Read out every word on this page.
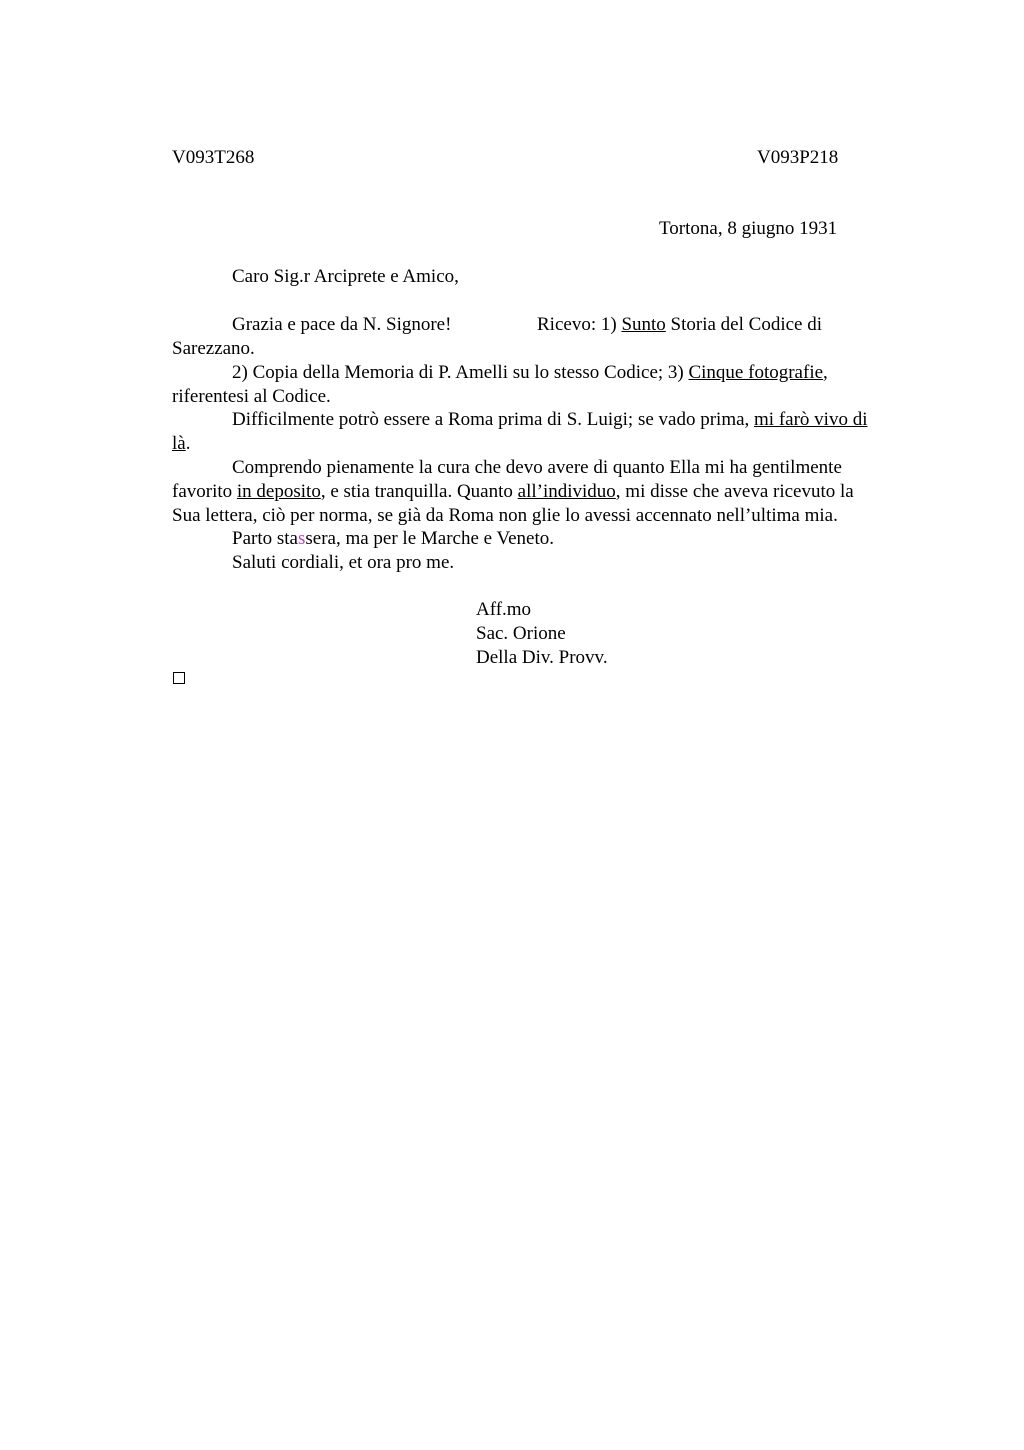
V093T268	V093P218
Tortona, 8 giugno 1931
Caro Sig.r Arciprete e Amico,
Grazia e pace da N. Signore!	Ricevo: 1) Sunto Storia del Codice di
Sarezzano.
2) Copia della Memoria di P. Amelli su lo stesso Codice; 3) Cinque fotografie,
riferentesi al Codice.
Difficilmente potrò essere a Roma prima di S. Luigi; se vado prima, mi farò vivo di
là.
Comprendo pienamente la cura che devo avere di quanto Ella mi ha gentilmente
favorito in deposito, e stia tranquilla. Quanto all’individuo, mi disse che aveva ricevuto la
Sua lettera, ciò per norma, se già da Roma non glie lo avessi accennato nell’ultima mia.
Parto stassera, ma per le Marche e Veneto.
Saluti cordiali, et ora pro me.
Aff.mo
Sac. Orione
Della Div. Provv.
